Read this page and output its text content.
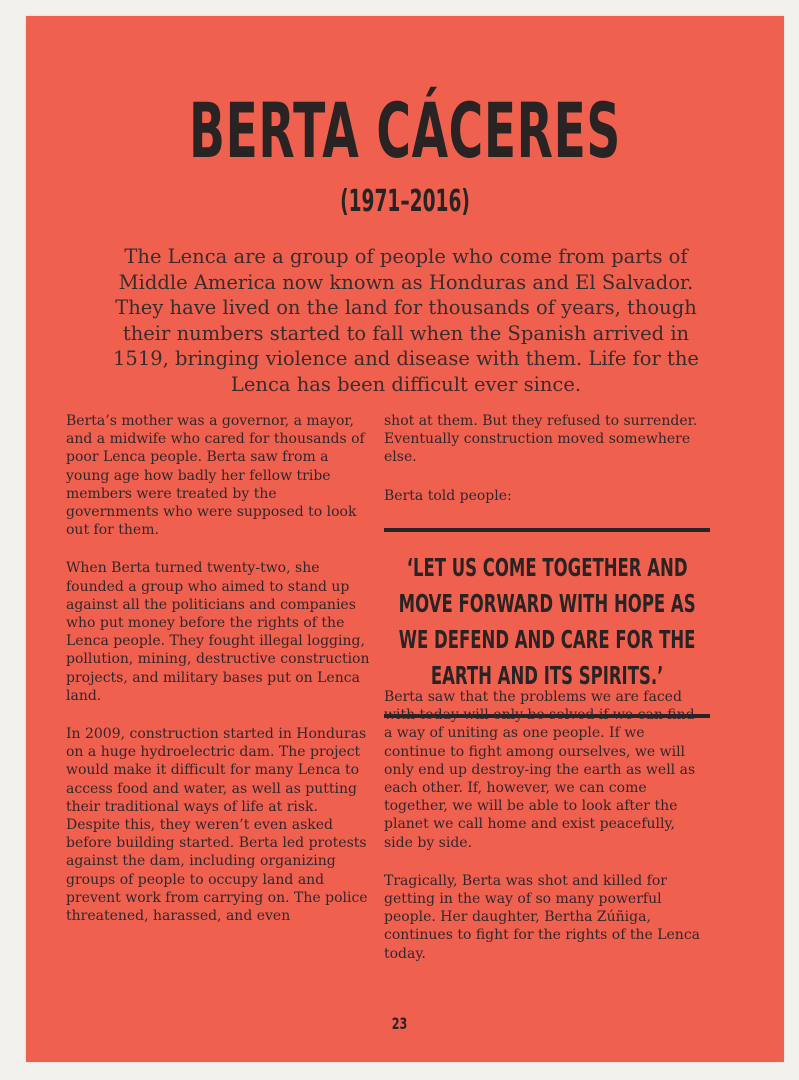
BERTA CÁCERES
(1971–2016)

The Lenca are a group of people who come from parts of Middle America now known as Honduras and El Salvador. They have lived on the land for thousands of years, though their numbers started to fall when the Spanish arrived in 1519, bringing violence and disease with them. Life for the Lenca has been difficult ever since.

Berta’s mother was a governor, a mayor, and a midwife who cared for thousands of poor Lenca people. Berta saw from a young age how badly her fellow tribe members were treated by the governments who were supposed to look out for them.

When Berta turned twenty-two, she founded a group who aimed to stand up against all the politicians and companies who put money before the rights of the Lenca people. They fought illegal logging, pollution, mining, destructive construction projects, and military bases put on Lenca land.

In 2009, construction started in Honduras on a huge hydroelectric dam. The project would make it difficult for many Lenca to access food and water, as well as putting their traditional ways of life at risk. Despite this, they weren’t even asked before building started. Berta led protests against the dam, including organizing groups of people to occupy land and prevent work from carrying on. The police threatened, harassed, and even

shot at them. But they refused to surrender. Eventually construction moved somewhere else.

Berta told people:

‘LET US COME TOGETHER AND MOVE FORWARD WITH HOPE AS WE DEFEND AND CARE FOR THE EARTH AND ITS SPIRITS.’

Berta saw that the problems we are faced with today will only be solved if we can find a way of uniting as one people. If we continue to fight among ourselves, we will only end up destroy-ing the earth as well as each other. If, however, we can come together, we will be able to look after the planet we call home and exist peacefully, side by side.

Tragically, Berta was shot and killed for getting in the way of so many powerful people. Her daughter, Bertha Zúñiga, continues to fight for the rights of the Lenca today.

23
